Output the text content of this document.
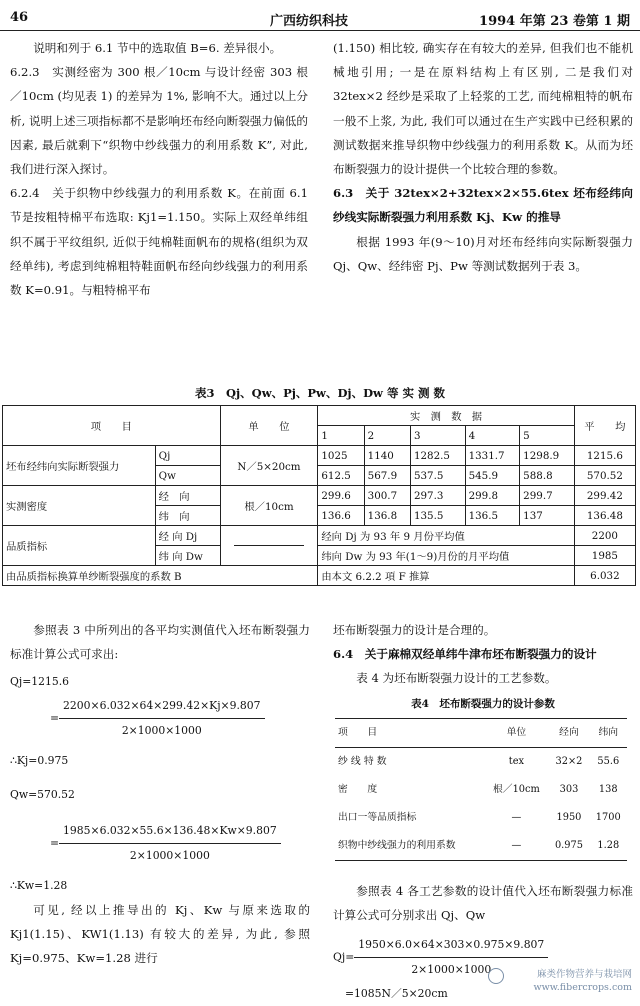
46	广西纺织科技	1994 年第 23 卷第 1 期

说明和列于 6.1 节中的选取值 B=6. 差异很小。

6.2.3　实测经密为 300 根／10cm 与设计经密 303 根／10cm (均见表 1) 的差异为 1%, 影响不大。通过以上分析, 说明上述三项指标都不是影响坯布经向断裂强力偏低的因素, 最后就剩下“织物中纱线强力的利用系数 K”, 对此, 我们进行深入探讨。

6.2.4　关于织物中纱线强力的利用系数 K。在前面 6.1 节是按粗特棉平布选取: Kj1=1.150。实际上双经单纬组织不属于平纹组织, 近似于纯棉鞋面帆布的规格(组织为双经单纬), 考虑到纯棉粗特鞋面帆布经向纱线强力的利用系数 K=0.91。与粗特棉平布

(1.150) 相比较, 确实存在有较大的差异, 但我们也不能机械地引用; 一是在原料结构上有区别, 二是我们对 32tex×2 经纱是采取了上轻浆的工艺, 而纯棉粗特的帆布一般不上浆, 为此, 我们可以通过在生产实践中已经积累的测试数据来推导织物中纱线强力的利用系数 K。从而为坯布断裂强力的设计提供一个比较合理的参数。

6.3　关于 32tex×2+32tex×2×55.6tex 坯布经纬向纱线实际断裂强力利用系数 Kj、Kw 的推导

根据 1993 年(9～10)月对坯布经纬向实际断裂强力 Qj、Qw、经纬密 Pj、Pw 等测试数据列于表 3。

表3　Qj、Qw、Pj、Pw、Dj、Dw 等 实 测 数
项　　目		单　　位	实　测　数　据					平　　均
			1	2	3	4	5	
坯布经纬向实际断裂强力	Qj	N／5×20cm	1025	1140	1282.5	1331.7	1298.9	1215.6
	Qw		612.5	567.9	537.5	545.9	588.8	570.52
实测密度	经　向	根／10cm	299.6	300.7	297.3	299.8	299.7	299.42
	纬　向		136.6	136.8	135.5	136.5	137	136.48
品质指标	经 向 Dj		经向 Dj 为 93 年 9 月份平均值					2200
	纬 向 Dw		纬向 Dw 为 93 年(1～9)月份的月平均值					1985
由品质指标换算单纱断裂强度的系数 B			由本文 6.2.2 項 F 推算					6.032

参照表 3 中所列出的各平均实测值代入坯布断裂强力标准计算公式可求出:

Qj=1215.6
= $\frac{2200\times 6.032\times 64\times 299.42\times Kj\times 9.807}{2\times 1000\times 1000}$
∴Kj=0.975
Qw=570.52
= $\frac{1985\times 6.032\times 55.6\times 136.48\times Kw\times 9.807}{2\times 1000\times 1000}$
∴Kw=1.28

可见, 经以上推导出的 Kj、Kw 与原来选取的 Kj1(1.15)、KW1(1.13) 有较大的差异, 为此, 参照 Kj=0.975、Kw=1.28 进行

坯布断裂强力的设计是合理的。

6.4　关于麻棉双经单纬牛津布坯布断裂强力的设计

表 4 为坯布断裂强力设计的工艺参数。

表4　坯布断裂强力的设计参数
项　　目	单位	经向	纬向
纱 线 特 数	tex	32×2	55.6
密　　度	根／10cm	303	138
出口一等品质指标	—	1950	1700
织物中纱线强力的利用系数	—	0.975	1.28

参照表 4 各工艺参数的设计值代入坯布断裂强力标准计算公式可分别求出 Qj、Qw

$Qj= \frac{1950\times 6.0\times 64\times 303\times 0.975\times 9.807}{2\times 1000\times 1000}$
=1085N／5×20cm
麻类作物营养与栽培网
www.fibercrops.com
